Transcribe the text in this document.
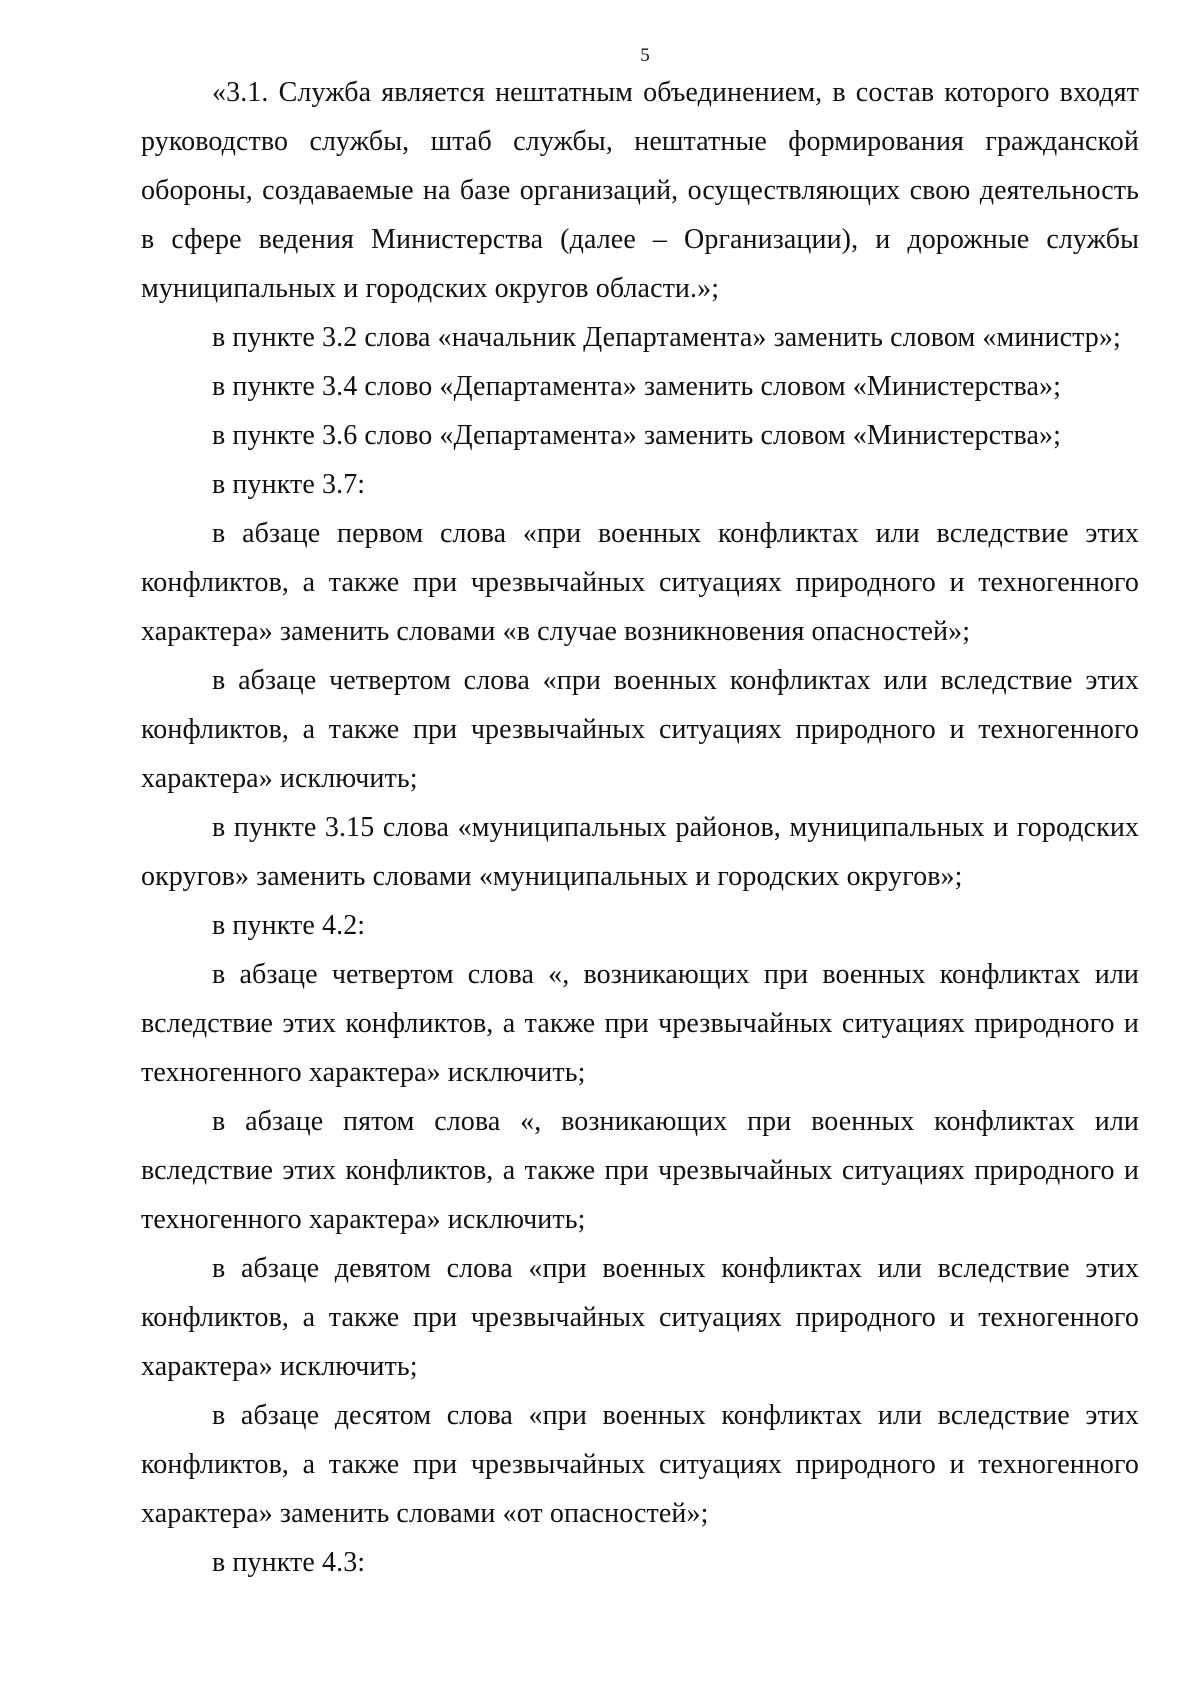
5

«3.1. Служба является нештатным объединением, в состав которого входят руководство службы, штаб службы, нештатные формирования гражданской обороны, создаваемые на базе организаций, осуществляющих свою деятельность в сфере ведения Министерства (далее – Организации), и дорожные службы муниципальных и городских округов области.»;

в пункте 3.2 слова «начальник Департамента» заменить словом «министр»;

в пункте 3.4 слово «Департамента» заменить словом «Министерства»;

в пункте 3.6 слово «Департамента» заменить словом «Министерства»;

в пункте 3.7:

в абзаце первом слова «при военных конфликтах или вследствие этих конфликтов, а также при чрезвычайных ситуациях природного и техногенного характера» заменить словами «в случае возникновения опасностей»;

в абзаце четвертом слова «при военных конфликтах или вследствие этих конфликтов, а также при чрезвычайных ситуациях природного и техногенного характера» исключить;

в пункте 3.15 слова «муниципальных районов, муниципальных и городских округов» заменить словами «муниципальных и городских округов»;

в пункте 4.2:

в абзаце четвертом слова «, возникающих при военных конфликтах или вследствие этих конфликтов, а также при чрезвычайных ситуациях природного и техногенного характера» исключить;

в абзаце пятом слова «, возникающих при военных конфликтах или вследствие этих конфликтов, а также при чрезвычайных ситуациях природного и техногенного характера» исключить;

в абзаце девятом слова «при военных конфликтах или вследствие этих конфликтов, а также при чрезвычайных ситуациях природного и техногенного характера» исключить;

в абзаце десятом слова «при военных конфликтах или вследствие этих конфликтов, а также при чрезвычайных ситуациях природного и техногенного характера» заменить словами «от опасностей»;

в пункте 4.3:
